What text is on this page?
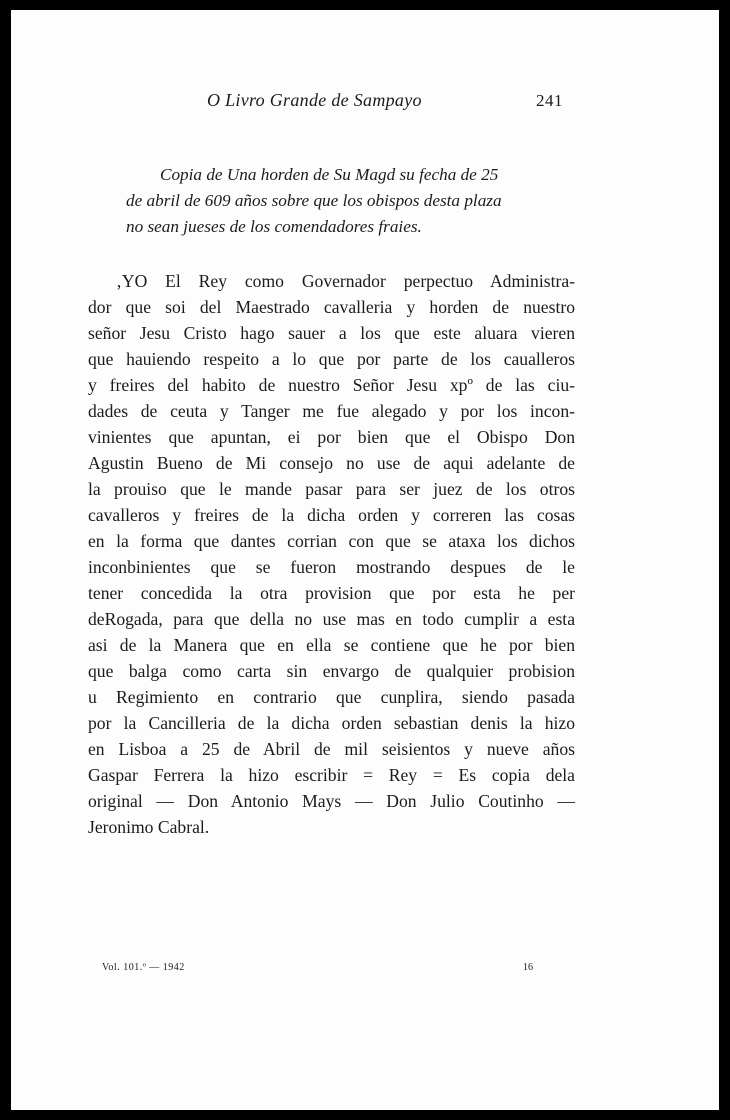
O Livro Grande de Sampayo	241
Copia de Una horden de Su Magd su fecha de 25
de abril de 609 años sobre que los obispos desta plaza
no sean jueses de los comendadores fraies.
‚YO El Rey como Governador perpectuo Administra-
dor que soi del Maestrado cavalleria y horden de nuestro
señor Jesu Cristo hago sauer a los que este aluara vieren
que hauiendo respeito a lo que por parte de los caualleros
y freires del habito de nuestro Señor Jesu xpº de las ciu-
dades de ceuta y Tanger me fue alegado y por los incon-
vinientes que apuntan, ei por bien que el Obispo Don
Agustin Bueno de Mi consejo no use de aqui adelante de
la prouiso que le mande pasar para ser juez de los otros
cavalleros y freires de la dicha orden y correren las cosas
en la forma que dantes corrian con que se ataxa los dichos
inconbinientes que se fueron mostrando despues de le
tener concedida la otra provision que por esta he per
deRogada, para que della no use mas en todo cumplir a esta
asi de la Manera que en ella se contiene que he por bien
que balga como carta sin envargo de qualquier probision
u Regimiento en contrario que cunplira, siendo pasada
por la Cancilleria de la dicha orden sebastian denis la hizo
en Lisboa a 25 de Abril de mil seisientos y nueve años
Gaspar Ferrera la hizo escribir = Rey = Es copia dela
original — Don Antonio Mays — Don Julio Coutinho —
Jeronimo Cabral.
Vol. 101.º — 1942	16
